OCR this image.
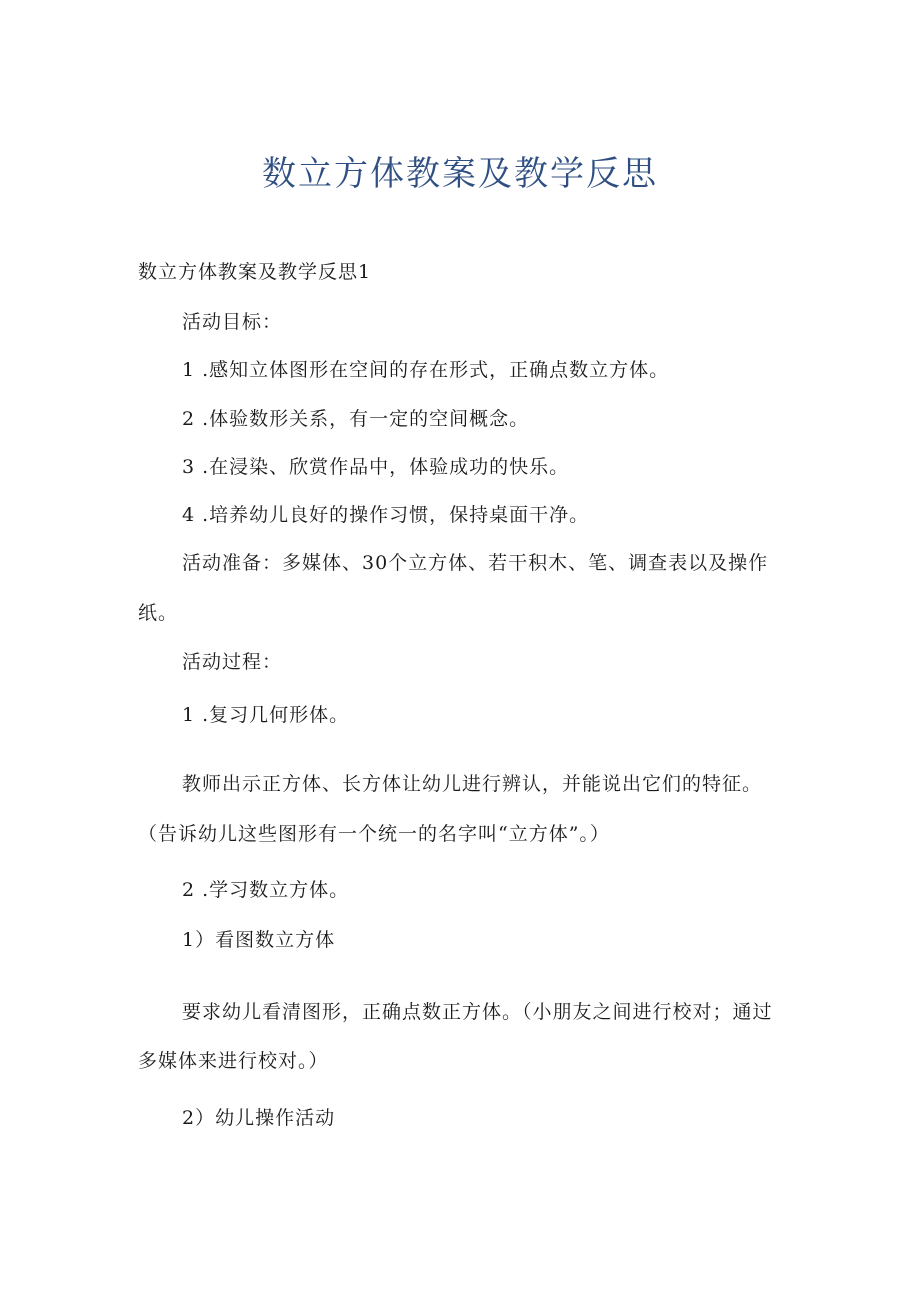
数立方体教案及教学反思
数立方体教案及教学反思1
活动目标：
1 .感知立体图形在空间的存在形式，正确点数立方体。
2 .体验数形关系，有一定的空间概念。
3 .在浸染、欣赏作品中，体验成功的快乐。
4 .培养幼儿良好的操作习惯，保持桌面干净。
活动准备：多媒体、30个立方体、若干积木、笔、调查表以及操作
纸。
活动过程：
1 .复习几何形体。
教师出示正方体、长方体让幼儿进行辨认，并能说出它们的特征。
（告诉幼儿这些图形有一个统一的名字叫“立方体”。）
2 .学习数立方体。
1）看图数立方体
要求幼儿看清图形，正确点数正方体。（小朋友之间进行校对；通过
多媒体来进行校对。）
2）幼儿操作活动
